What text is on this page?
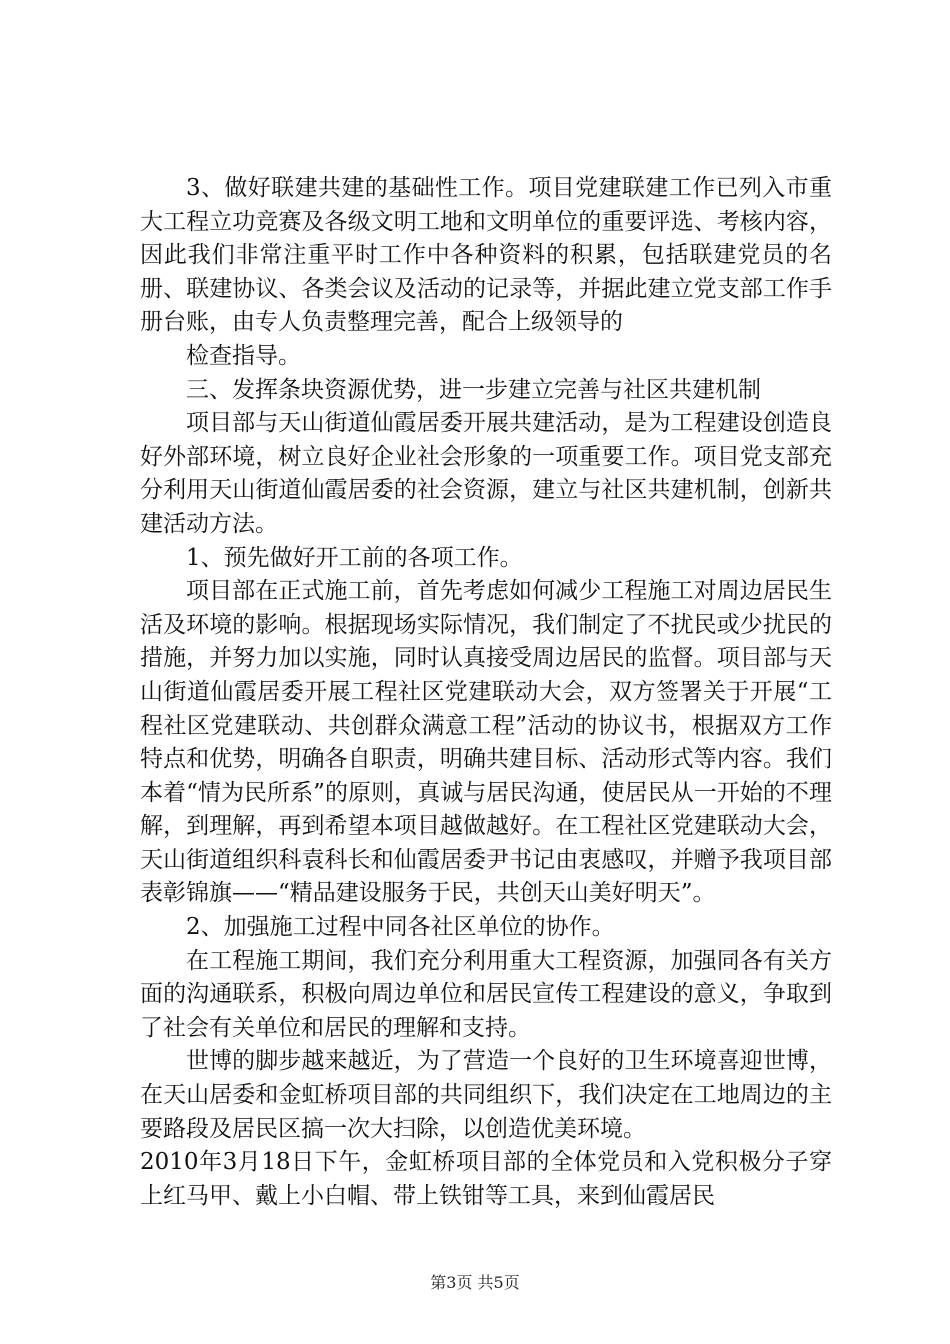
3、做好联建共建的基础性工作。项目党建联建工作已列入市重大工程立功竞赛及各级文明工地和文明单位的重要评选、考核内容，因此我们非常注重平时工作中各种资料的积累，包括联建党员的名册、联建协议、各类会议及活动的记录等，并据此建立党支部工作手册台账，由专人负责整理完善，配合上级领导的

检查指导。

三、发挥条块资源优势，进一步建立完善与社区共建机制

项目部与天山街道仙霞居委开展共建活动，是为工程建设创造良好外部环境，树立良好企业社会形象的一项重要工作。项目党支部充分利用天山街道仙霞居委的社会资源，建立与社区共建机制，创新共建活动方法。

1、预先做好开工前的各项工作。

项目部在正式施工前，首先考虑如何减少工程施工对周边居民生活及环境的影响。根据现场实际情况，我们制定了不扰民或少扰民的措施，并努力加以实施，同时认真接受周边居民的监督。项目部与天山街道仙霞居委开展工程社区党建联动大会，双方签署关于开展“工程社区党建联动、共创群众满意工程”活动的协议书，根据双方工作特点和优势，明确各自职责，明确共建目标、活动形式等内容。我们本着“情为民所系”的原则，真诚与居民沟通，使居民从一开始的不理解，到理解，再到希望本项目越做越好。在工程社区党建联动大会，天山街道组织科袁科长和仙霞居委尹书记由衷感叹，并赠予我项目部表彰锦旗——“精品建设服务于民，共创天山美好明天”。

2、加强施工过程中同各社区单位的协作。

在工程施工期间，我们充分利用重大工程资源，加强同各有关方面的沟通联系，积极向周边单位和居民宣传工程建设的意义，争取到了社会有关单位和居民的理解和支持。

世博的脚步越来越近，为了营造一个良好的卫生环境喜迎世博，在天山居委和金虹桥项目部的共同组织下，我们决定在工地周边的主要路段及居民区搞一次大扫除，以创造优美环境。

2010年3月18日下午，金虹桥项目部的全体党员和入党积极分子穿上红马甲、戴上小白帽、带上铁钳等工具，来到仙霞居民

第3页 共5页
